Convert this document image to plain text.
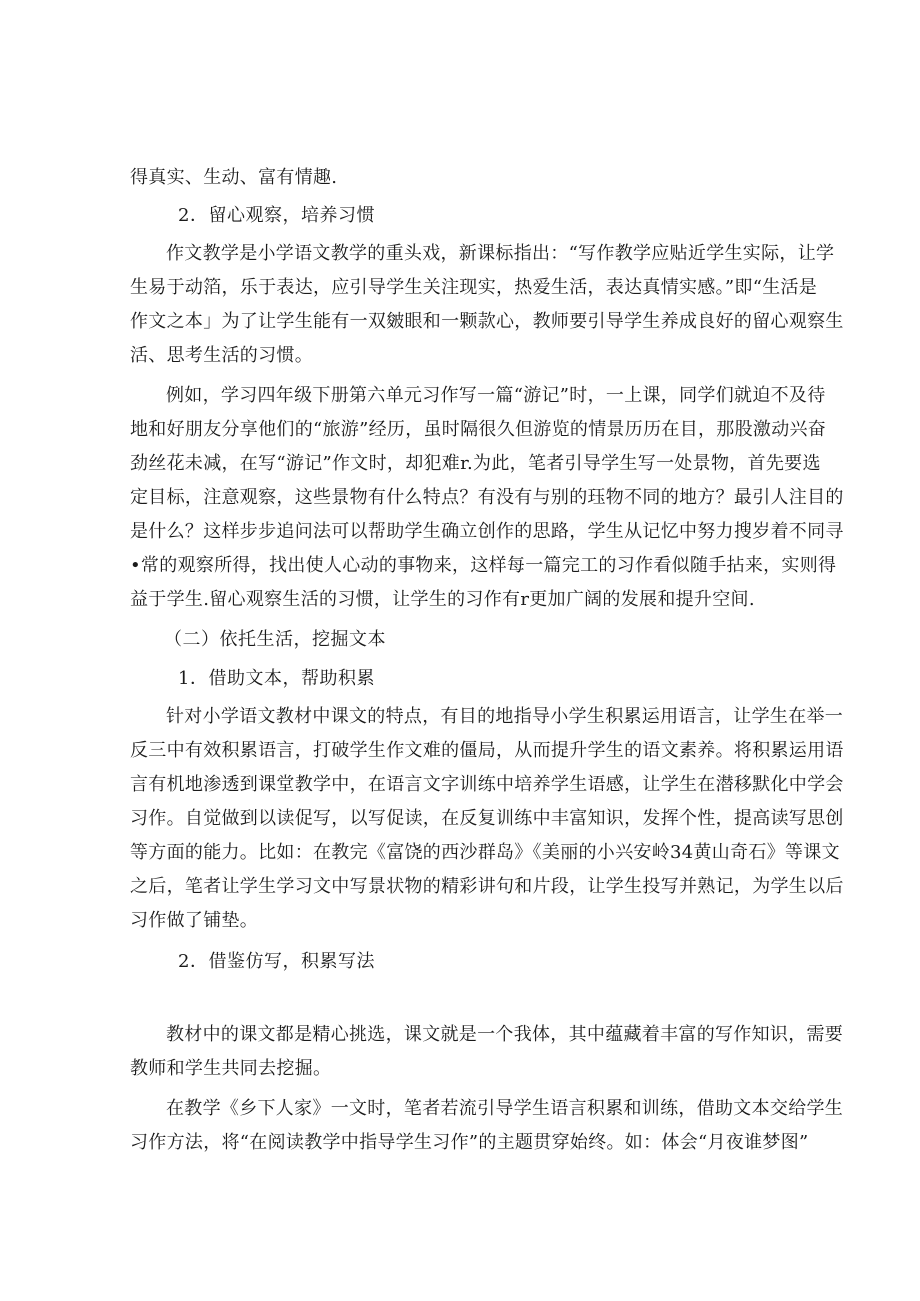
得真实、生动、富有情趣.
2．留心观察，培养习惯
作文教学是小学语文教学的重头戏，新课标指出：“写作教学应贴近学生实际，让学
生易于动箔，乐于表达，应引导学生关注现实，热爱生活，表达真情实感。”即“生活是
作文之本」为了让学生能有一双皴眼和一颗款心，教师要引导学生养成良好的留心观察生
活、思考生活的习惯。
例如，学习四年级下册第六单元习作写一篇“游记”时，一上课，同学们就迫不及待
地和好朋友分享他们的“旅游”经历，虽时隔很久但游览的情景历历在目，那股激动兴奋
劲丝花未减，在写“游记”作文时，却犯难r.为此，笔者引导学生写一处景物，首先要选
定目标，注意观察，这些景物有什么特点？有没有与别的珏物不同的地方？最引人注目的
是什么？这样步步追问法可以帮助学生确立创作的思路，学生从记忆中努力搜岁着不同寻
•常的观察所得，找出使人心动的事物来，这样每一篇完工的习作看似随手拈来，实则得
益于学生.留心观察生活的习惯，让学生的习作有r更加广阔的发展和提升空间.
（二）依托生活，挖掘文本
1．借助文本，帮助积累
针对小学语文教材中课文的特点，有目的地指导小学生积累运用语言，让学生在举一
反三中有效积累语言，打破学生作文难的僵局，从而提升学生的语文素养。将积累运用语
言有机地渗透到课堂教学中，在语言文字训练中培养学生语感，让学生在潜移默化中学会
习作。自觉做到以读促写，以写促读，在反复训练中丰富知识，发挥个性，提高读写思创
等方面的能力。比如：在教完《富饶的西沙群岛》《美丽的小兴安岭34黄山奇石》等课文
之后，笔者让学生学习文中写景状物的精彩讲句和片段，让学生投写并熟记，为学生以后
习作做了铺垫。
2．借鉴仿写，积累写法
教材中的课文都是精心挑选，课文就是一个我体，其中蕴藏着丰富的写作知识，需要
教师和学生共同去挖掘。
在教学《乡下人家》一文时，笔者若流引导学生语言积累和训练，借助文本交给学生
习作方法，将“在阅读教学中指导学生习作”的主题贯穿始终。如：体会“月夜谁梦图”
